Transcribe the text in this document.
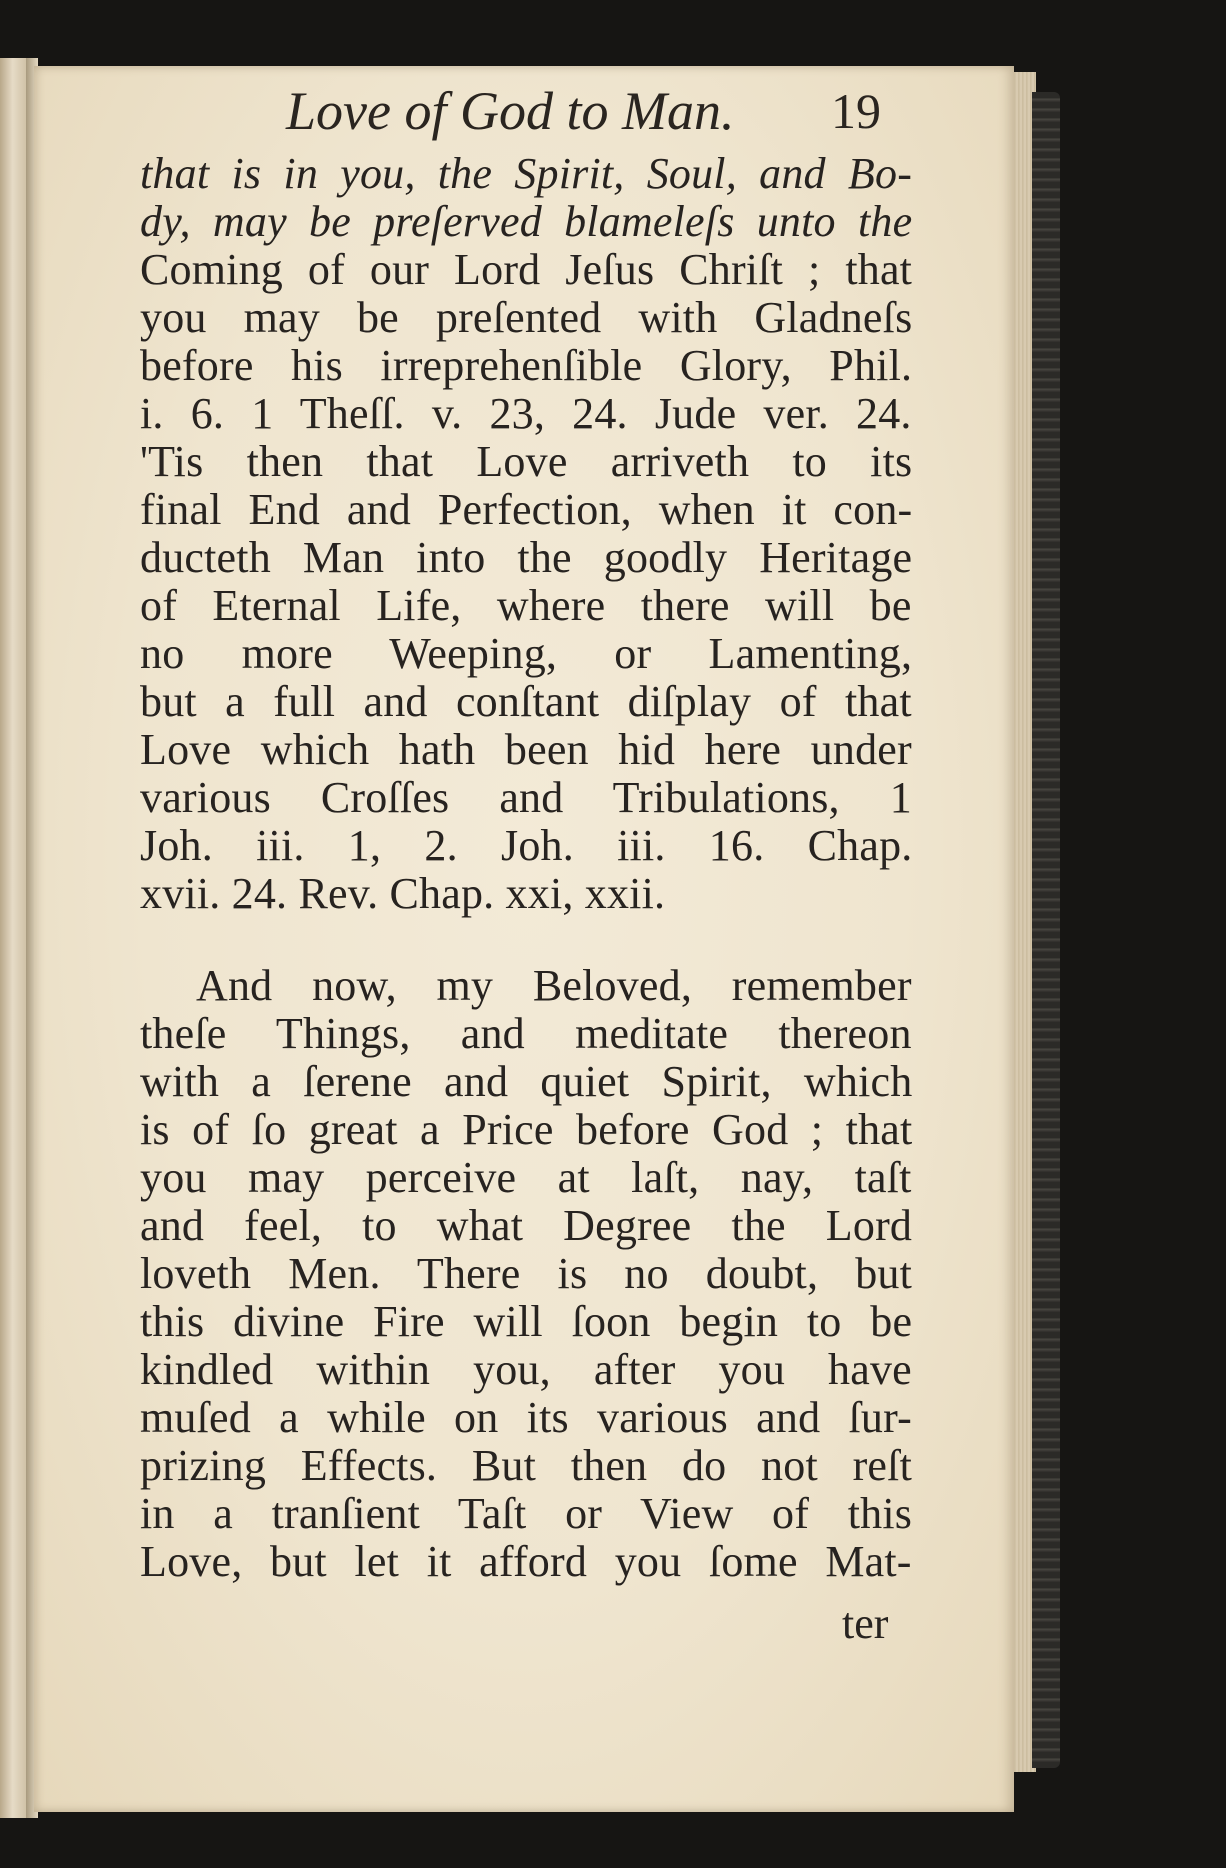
Love of God to Man. 19
that is in you, the Spirit, Soul, and Bo-
dy, may be preſerved blameleſs unto the
Coming of our Lord Jeſus Chriſt ; that
you may be preſented with Gladneſs
before his irreprehenſible Glory, Phil.
i. 6. 1 Theſſ. v. 23, 24. Jude ver. 24.
'Tis then that Love arriveth to its
final End and Perfection, when it con-
ducteth Man into the goodly Heritage
of Eternal Life, where there will be
no more Weeping, or Lamenting,
but a full and conſtant diſplay of that
Love which hath been hid here under
various Croſſes and Tribulations, 1
Joh. iii. 1, 2. Joh. iii. 16. Chap.
xvii. 24. Rev. Chap. xxi, xxii.
And now, my Beloved, remember
theſe Things, and meditate thereon
with a ſerene and quiet Spirit, which
is of ſo great a Price before God ; that
you may perceive at laſt, nay, taſt
and feel, to what Degree the Lord
loveth Men. There is no doubt, but
this divine Fire will ſoon begin to be
kindled within you, after you have
muſed a while on its various and ſur-
prizing Effects. But then do not reſt
in a tranſient Taſt or View of this
Love, but let it afford you ſome Mat-
ter
